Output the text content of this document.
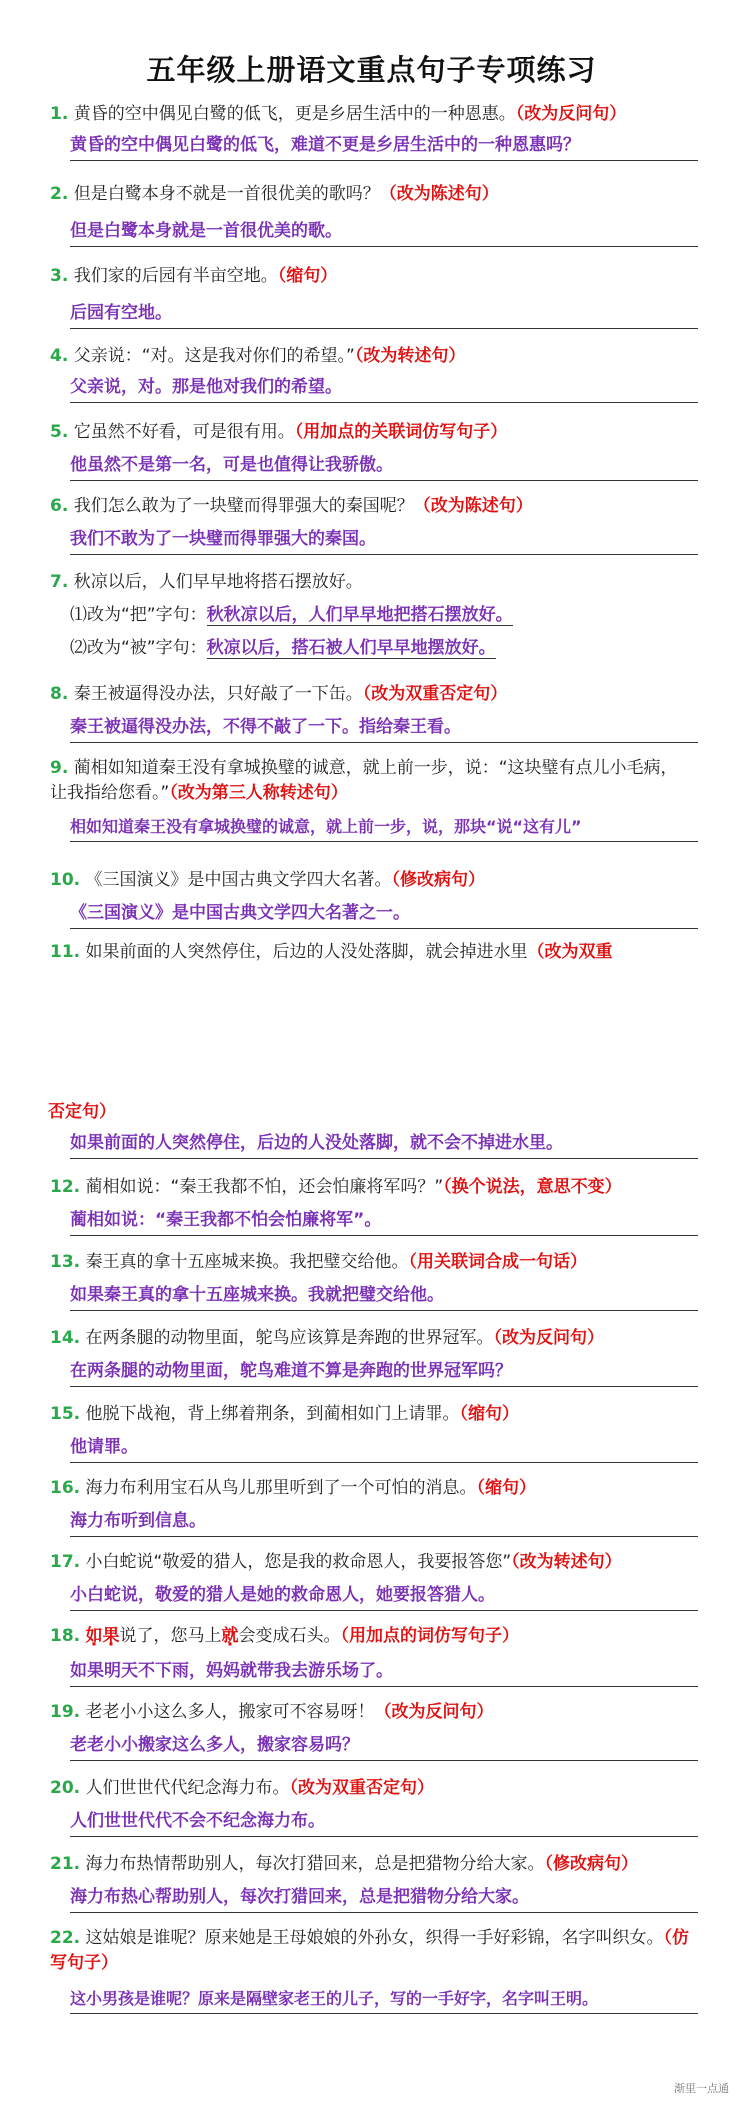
五年级上册语文重点句子专项练习
1. 黄昏的空中偶见白鹭的低飞，更是乡居生活中的一种恩惠。（改为反问句）
黄昏的空中偶见白鹭的低飞，难道不更是乡居生活中的一种恩惠吗？
2. 但是白鹭本身不就是一首很优美的歌吗？（改为陈述句）
但是白鹭本身就是一首很优美的歌。
3. 我们家的后园有半亩空地。（缩句）
后园有空地。
4. 父亲说：“对。这是我对你们的希望。”（改为转述句）
父亲说，对。那是他对我们的希望。
5. 它虽然不好看，可是很有用。（用加点的关联词仿写句子）
他虽然不是第一名，可是也值得让我骄傲。
6. 我们怎么敢为了一块璧而得罪强大的秦国呢？（改为陈述句）
我们不敢为了一块璧而得罪强大的秦国。
7. 秋凉以后，人们早早地将搭石摆放好。
⑴改为“把”字句：秋秋凉以后，人们早早地把搭石摆放好。
⑵改为“被”字句：秋凉以后，搭石被人们早早地摆放好。
8. 秦王被逼得没办法，只好敲了一下缶。（改为双重否定句）
秦王被逼得没办法，不得不敲了一下。指给秦王看。
9. 蔺相如知道秦王没有拿城换璧的诚意，就上前一步，说：“这块璧有点儿小毛病，让我指给您看。”（改为第三人称转述句）
相如知道秦王没有拿城换璧的诚意，就上前一步，说，那块“说“这有儿”
10. 《三国演义》是中国古典文学四大名著。（修改病句）
《三国演义》是中国古典文学四大名著之一。
11. 如果前面的人突然停住，后边的人没处落脚，就会掉进水里（改为双重
否定句）
如果前面的人突然停住，后边的人没处落脚，就不会不掉进水里。
12. 蔺相如说：“秦王我都不怕，还会怕廉将军吗？”（换个说法，意思不变）
蔺相如说：“秦王我都不怕会怕廉将军”。
13. 秦王真的拿十五座城来换。我把璧交给他。（用关联词合成一句话）
如果秦王真的拿十五座城来换。我就把璧交给他。
14. 在两条腿的动物里面，鸵鸟应该算是奔跑的世界冠军。（改为反问句）
在两条腿的动物里面，鸵鸟难道不算是奔跑的世界冠军吗？
15. 他脱下战袍，背上绑着荆条，到蔺相如门上请罪。（缩句）
他请罪。
16. 海力布利用宝石从鸟儿那里听到了一个可怕的消息。（缩句）
海力布听到信息。
17. 小白蛇说“敬爱的猎人，您是我的救命恩人，我要报答您”（改为转述句）
小白蛇说，敬爱的猎人是她的救命恩人，她要报答猎人。
18. 如果说了，您马上就会变成石头。（用加点的词仿写句子）
如果明天不下雨，妈妈就带我去游乐场了。
19. 老老小小这么多人，搬家可不容易呀！（改为反问句）
老老小小搬家这么多人，搬家容易吗？
20. 人们世世代代纪念海力布。（改为双重否定句）
人们世世代代不会不纪念海力布。
21. 海力布热情帮助别人，每次打猎回来，总是把猎物分给大家。（修改病句）
海力布热心帮助别人，每次打猎回来，总是把猎物分给大家。
22. 这姑娘是谁呢？原来她是王母娘娘的外孙女，织得一手好彩锦，名字叫织女。（仿写句子）
这小男孩是谁呢？原来是隔壁家老王的儿子，写的一手好字，名字叫王明。
渐里一点通
